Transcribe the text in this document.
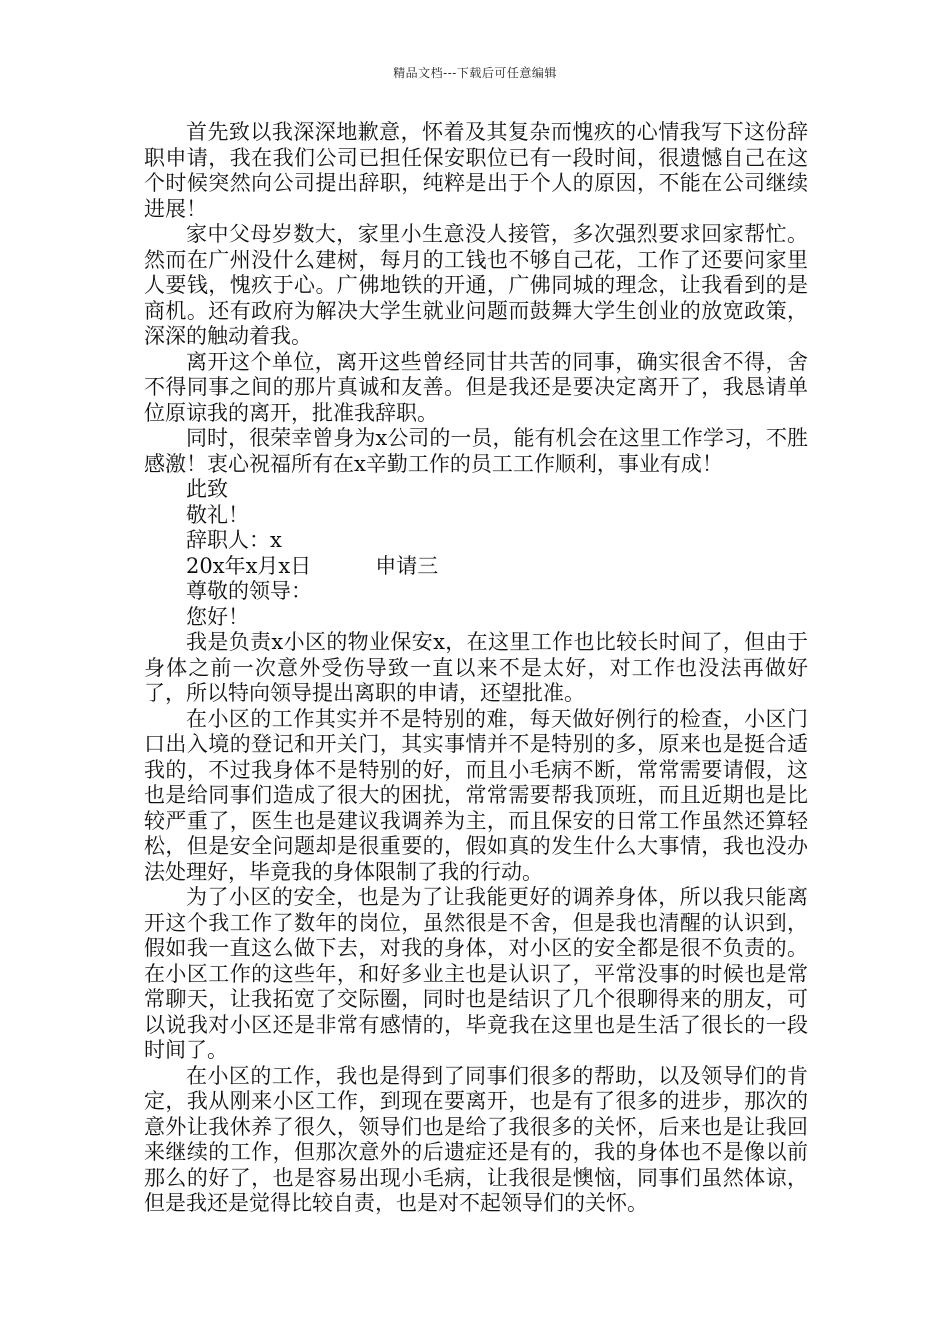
精品文档---下载后可任意编辑

首先致以我深深地歉意，怀着及其复杂而愧疚的心情我写下这份辞职申请，我在我们公司已担任保安职位已有一段时间，很遗憾自己在这个时候突然向公司提出辞职，纯粹是出于个人的原因，不能在公司继续进展！

家中父母岁数大，家里小生意没人接管，多次强烈要求回家帮忙。然而在广州没什么建树，每月的工钱也不够自己花，工作了还要问家里人要钱，愧疚于心。广佛地铁的开通，广佛同城的理念，让我看到的是商机。还有政府为解决大学生就业问题而鼓舞大学生创业的放宽政策，深深的触动着我。

离开这个单位，离开这些曾经同甘共苦的同事，确实很舍不得，舍不得同事之间的那片真诚和友善。但是我还是要决定离开了，我恳请单位原谅我的离开，批准我辞职。

同时，很荣幸曾身为x公司的一员，能有机会在这里工作学习，不胜感激！衷心祝福所有在x辛勤工作的员工工作顺利，事业有成！

此致

敬礼！

辞职人：x

20x年x月x日	申请三

尊敬的领导：

您好！

我是负责x小区的物业保安x，在这里工作也比较长时间了，但由于身体之前一次意外受伤导致一直以来不是太好，对工作也没法再做好了，所以特向领导提出离职的申请，还望批准。

在小区的工作其实并不是特别的难，每天做好例行的检查，小区门口出入境的登记和开关门，其实事情并不是特别的多，原来也是挺合适我的，不过我身体不是特别的好，而且小毛病不断，常常需要请假，这也是给同事们造成了很大的困扰，常常需要帮我顶班，而且近期也是比较严重了，医生也是建议我调养为主，而且保安的日常工作虽然还算轻松，但是安全问题却是很重要的，假如真的发生什么大事情，我也没办法处理好，毕竟我的身体限制了我的行动。

为了小区的安全，也是为了让我能更好的调养身体，所以我只能离开这个我工作了数年的岗位，虽然很是不舍，但是我也清醒的认识到，假如我一直这么做下去，对我的身体，对小区的安全都是很不负责的。在小区工作的这些年，和好多业主也是认识了，平常没事的时候也是常常聊天，让我拓宽了交际圈，同时也是结识了几个很聊得来的朋友，可以说我对小区还是非常有感情的，毕竟我在这里也是生活了很长的一段时间了。

在小区的工作，我也是得到了同事们很多的帮助，以及领导们的肯定，我从刚来小区工作，到现在要离开，也是有了很多的进步，那次的意外让我休养了很久，领导们也是给了我很多的关怀，后来也是让我回来继续的工作，但那次意外的后遗症还是有的，我的身体也不是像以前那么的好了，也是容易出现小毛病，让我很是懊恼，同事们虽然体谅，但是我还是觉得比较自责，也是对不起领导们的关怀。
